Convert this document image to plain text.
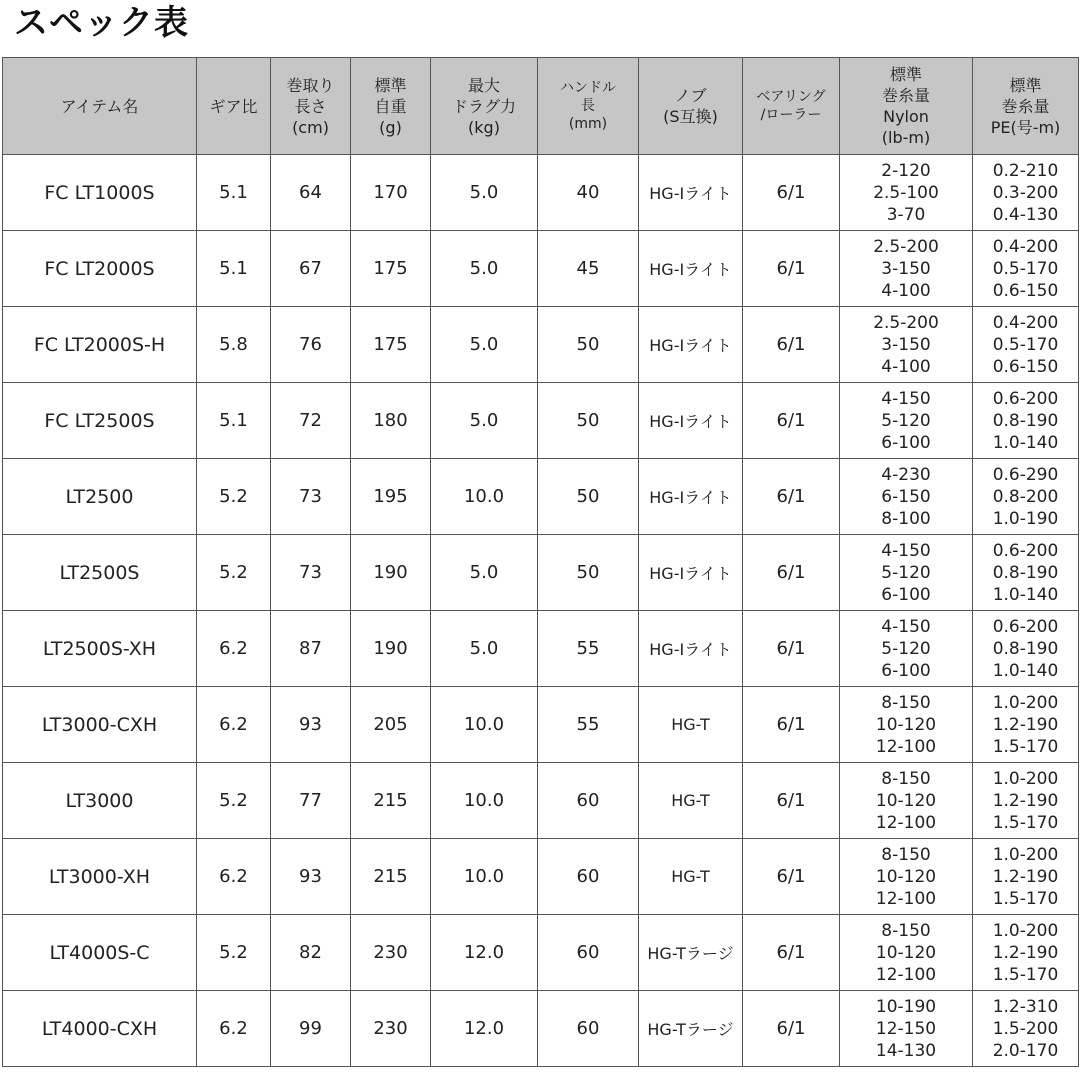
スペック表
アイテム名	ギア比	巻取り
長さ
(cm)	標準
自重
(g)	最大
ドラグ力
(kg)	ハンドル
長
(mm)	ノブ
(S互換)	ベアリング
/ローラー	標準
巻糸量
Nylon
(lb-m)	標準
巻糸量
PE(号-m)
FC LT1000S	5.1	64	170	5.0	40	HG-Iライト	6/1	2-120
2.5-100
3-70	0.2-210
0.3-200
0.4-130
FC LT2000S	5.1	67	175	5.0	45	HG-Iライト	6/1	2.5-200
3-150
4-100	0.4-200
0.5-170
0.6-150
FC LT2000S-H	5.8	76	175	5.0	50	HG-Iライト	6/1	2.5-200
3-150
4-100	0.4-200
0.5-170
0.6-150
FC LT2500S	5.1	72	180	5.0	50	HG-Iライト	6/1	4-150
5-120
6-100	0.6-200
0.8-190
1.0-140
LT2500	5.2	73	195	10.0	50	HG-Iライト	6/1	4-230
6-150
8-100	0.6-290
0.8-200
1.0-190
LT2500S	5.2	73	190	5.0	50	HG-Iライト	6/1	4-150
5-120
6-100	0.6-200
0.8-190
1.0-140
LT2500S-XH	6.2	87	190	5.0	55	HG-Iライト	6/1	4-150
5-120
6-100	0.6-200
0.8-190
1.0-140
LT3000-CXH	6.2	93	205	10.0	55	HG-T	6/1	8-150
10-120
12-100	1.0-200
1.2-190
1.5-170
LT3000	5.2	77	215	10.0	60	HG-T	6/1	8-150
10-120
12-100	1.0-200
1.2-190
1.5-170
LT3000-XH	6.2	93	215	10.0	60	HG-T	6/1	8-150
10-120
12-100	1.0-200
1.2-190
1.5-170
LT4000S-C	5.2	82	230	12.0	60	HG-Tラージ	6/1	8-150
10-120
12-100	1.0-200
1.2-190
1.5-170
LT4000-CXH	6.2	99	230	12.0	60	HG-Tラージ	6/1	10-190
12-150
14-130	1.2-310
1.5-200
2.0-170
